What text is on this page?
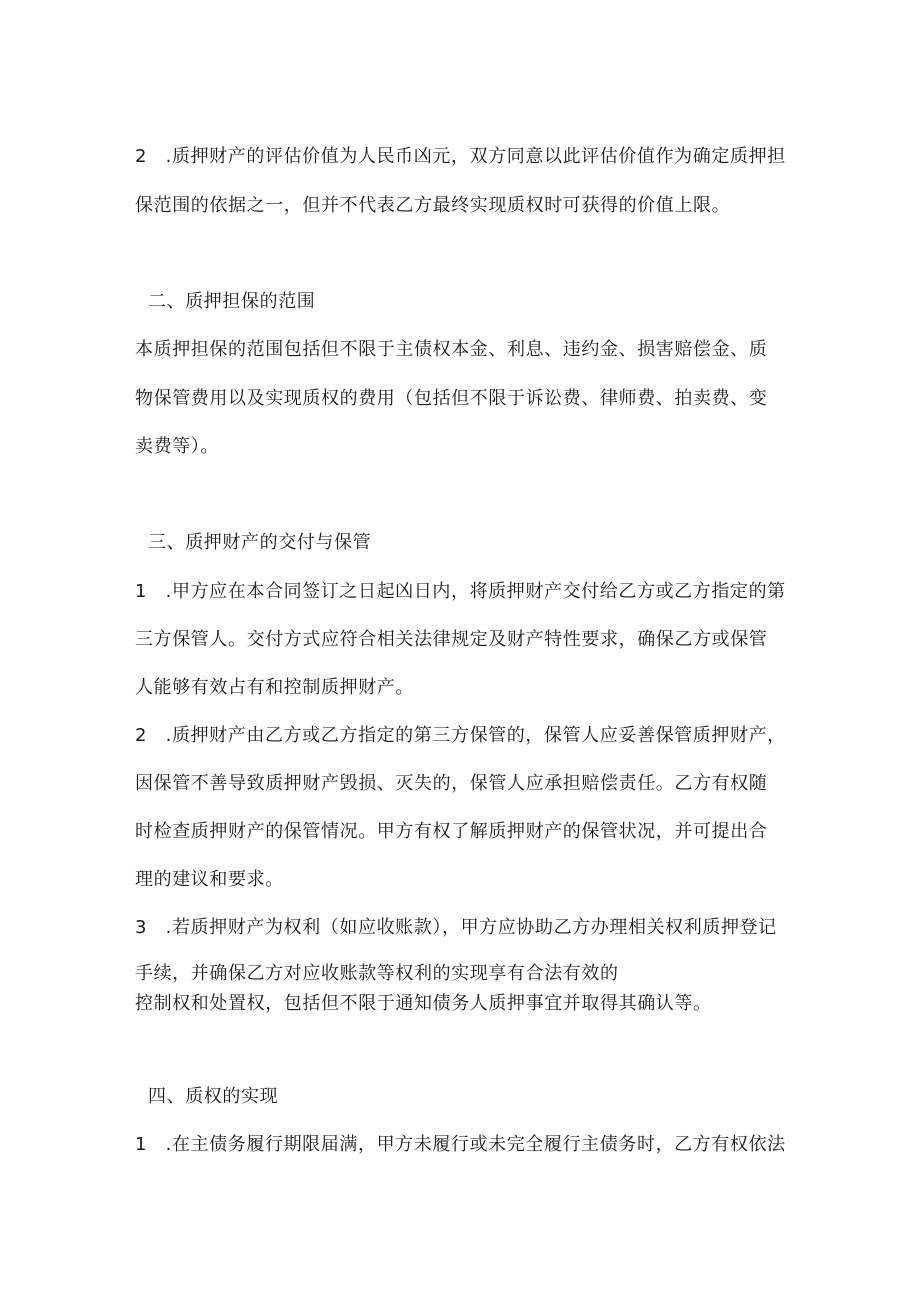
2　.质押财产的评估价值为人民币凶元，双方同意以此评估价值作为确定质押担
保范围的依据之一，但并不代表乙方最终实现质权时可获得的价值上限。
二、质押担保的范围
本质押担保的范围包括但不限于主债权本金、利息、违约金、损害赔偿金、质
物保管费用以及实现质权的费用（包括但不限于诉讼费、律师费、拍卖费、变
卖费等）。
三、质押财产的交付与保管
1　.甲方应在本合同签订之日起凶日内，将质押财产交付给乙方或乙方指定的第
三方保管人。交付方式应符合相关法律规定及财产特性要求，确保乙方或保管
人能够有效占有和控制质押财产。
2　.质押财产由乙方或乙方指定的第三方保管的，保管人应妥善保管质押财产，
因保管不善导致质押财产毁损、灭失的，保管人应承担赔偿责任。乙方有权随
时检查质押财产的保管情况。甲方有权了解质押财产的保管状况，并可提出合
理的建议和要求。
3　.若质押财产为权利（如应收账款），甲方应协助乙方办理相关权利质押登记
手续，并确保乙方对应收账款等权利的实现享有合法有效的
控制权和处置权，包括但不限于通知债务人质押事宜并取得其确认等。
四、质权的实现
1　.在主债务履行期限届满，甲方未履行或未完全履行主债务时，乙方有权依法
